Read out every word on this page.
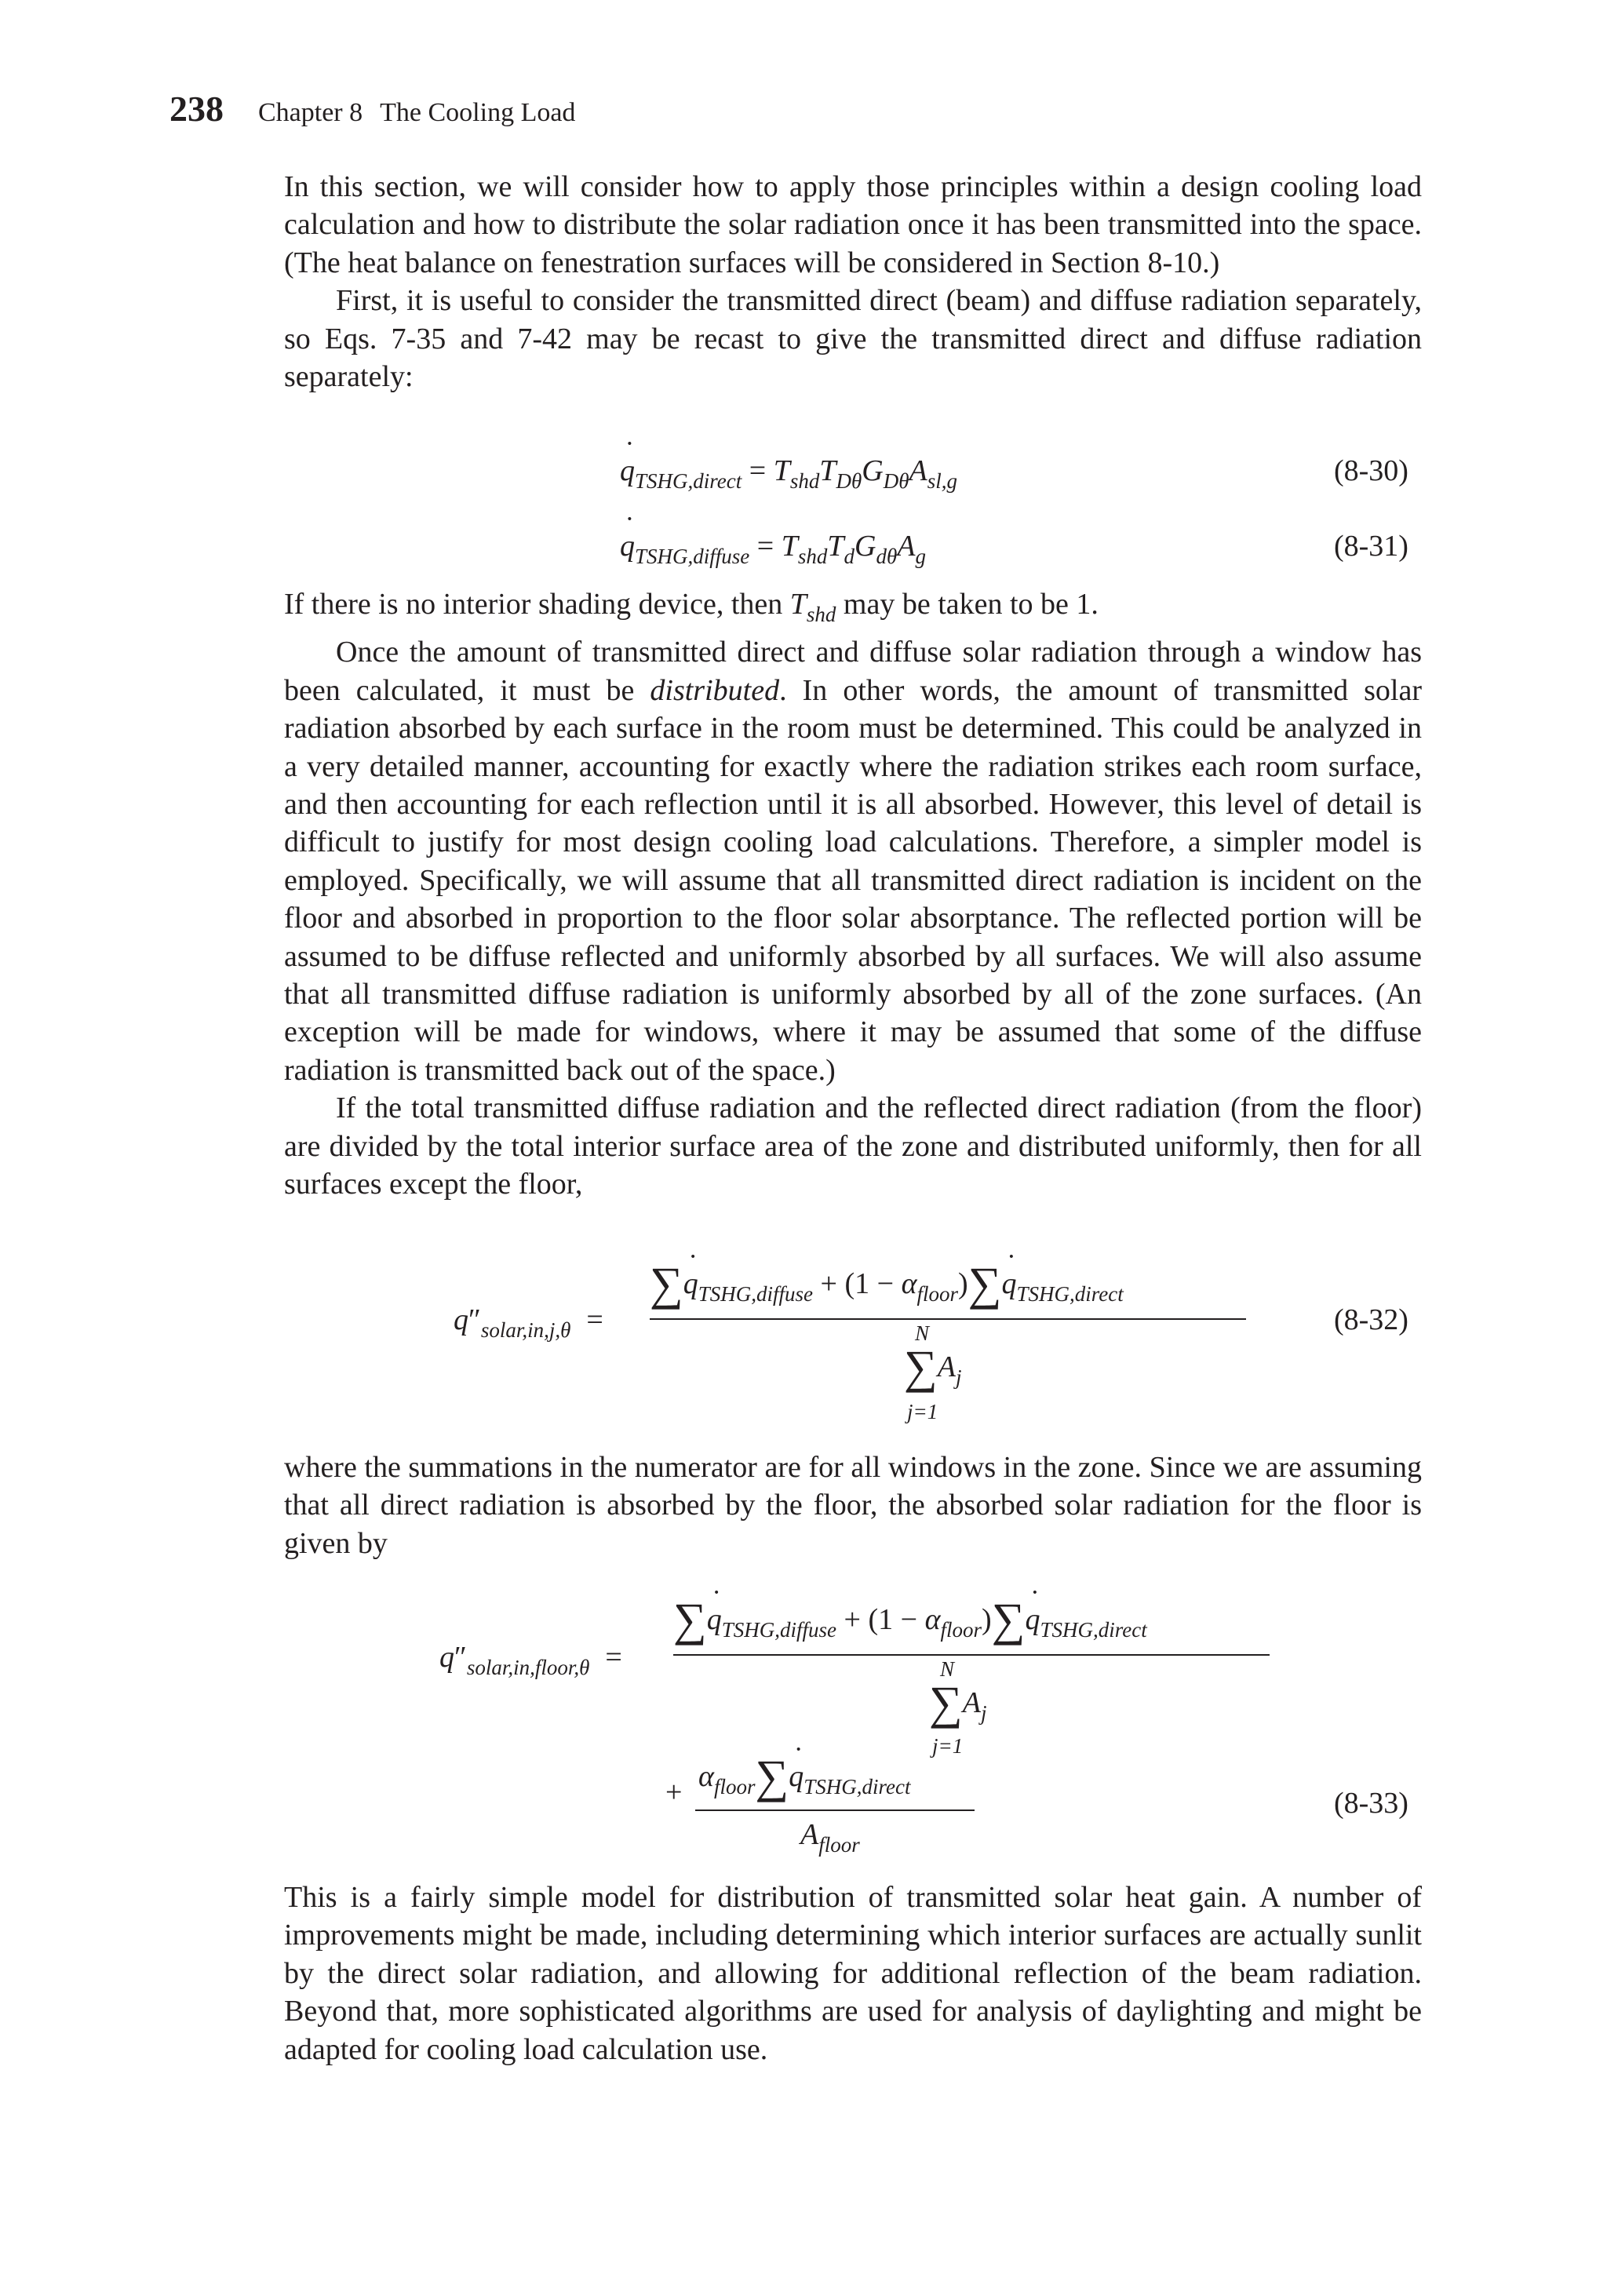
238 Chapter 8 The Cooling Load

In this section, we will consider how to apply those principles within a design cooling load calculation and how to distribute the solar radiation once it has been transmitted into the space. (The heat balance on fenestration surfaces will be considered in Section 8-10.)

First, it is useful to consider the transmitted direct (beam) and diffuse radiation separately, so Eqs. 7-35 and 7-42 may be recast to give the transmitted direct and diffuse radiation separately:

˙ $q_{TSHG,direct} = T_{shd}T_{D\theta}G_{D\theta}A_{sl,g}$	(8-30)
˙ $q_{TSHG,diffuse} = T_{shd}T_dG_{d\theta}A_g$	(8-31)

If there is no interior shading device, then $T_{shd}$ may be taken to be 1.

Once the amount of transmitted direct and diffuse solar radiation through a window has been calculated, it must be distributed. In other words, the amount of transmitted solar radiation absorbed by each surface in the room must be determined. This could be analyzed in a very detailed manner, accounting for exactly where the radiation strikes each room surface, and then accounting for each reflection until it is all absorbed. However, this level of detail is difficult to justify for most design cooling load calculations. Therefore, a simpler model is employed. Specifically, we will assume that all transmitted direct radiation is incident on the floor and absorbed in proportion to the floor solar absorptance. The reflected portion will be assumed to be diffuse reflected and uniformly absorbed by all surfaces. We will also assume that all transmitted diffuse radiation is uniformly absorbed by all of the zone surfaces. (An exception will be made for windows, where it may be assumed that some of the diffuse radiation is transmitted back out of the space.)

If the total transmitted diffuse radiation and the reflected direct radiation (from the floor) are divided by the total interior surface area of the zone and distributed uniformly, then for all surfaces except the floor,

$q''_{solar,in,j,\theta}$ =
∑˙ $q_{TSHG,diffuse} + (1$ − $\alpha_{floor})\sum˙$ $q_{TSHG,direct}$
N
$\sum A_j$
j=1
(8-32)

where the summations in the numerator are for all windows in the zone. Since we are assuming that all direct radiation is absorbed by the floor, the absorbed solar radiation for the floor is given by

$q''_{solar,in,floor,\theta}$ =
∑˙ $q_{TSHG,diffuse} + (1$ − $\alpha_{floor})\sum˙$ $q_{TSHG,direct}$
N
$\sum A_j$
j=1
+ $\alpha_{floor}\sum˙$ $q_{TSHG,direct}$
$A_{floor}$
(8-33)

This is a fairly simple model for distribution of transmitted solar heat gain. A number of improvements might be made, including determining which interior surfaces are actually sunlit by the direct solar radiation, and allowing for additional reflection of the beam radiation. Beyond that, more sophisticated algorithms are used for analysis of daylighting and might be adapted for cooling load calculation use.
